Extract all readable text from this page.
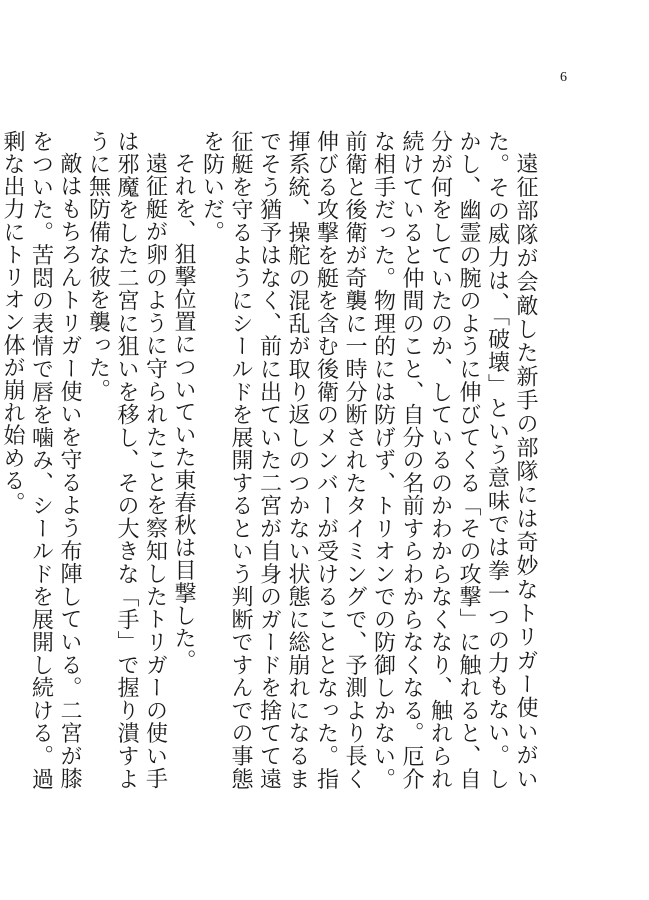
6

遠征部隊が会敵した新手の部隊には奇妙なトリガー使いがいた。その威力は、「破壊」という意味では拳一つの力もない。しかし、幽霊の腕のように伸びてくる「その攻撃」に触れると、自分が何をしていたのか、しているのかわからなくなり、触れられ続けていると仲間のこと、自分の名前すらわからなくなる。厄介な相手だった。物理的には防げず、トリオンでの防御しかない。前衛と後衛が奇襲に一時分断されたタイミングで、予測より長く伸びる攻撃を艇を含む後衛のメンバーが受けることとなった。指揮系統、操舵の混乱が取り返しのつかない状態に総崩れになるまでそう猶予はなく、前に出ていた二宮が自身のガードを捨てて遠征艇を守るようにシールドを展開するという判断ですんでの事態を防いだ。

それを、狙撃位置についていた東春秋は目撃した。

遠征艇が卵のように守られたことを察知したトリガーの使い手は邪魔をした二宮に狙いを移し、その大きな「手」で握り潰すように無防備な彼を襲った。

敵はもちろんトリガー使いを守るよう布陣している。二宮が膝をついた。苦悶の表情で唇を噛み、シールドを展開し続ける。過剰な出力にトリオン体が崩れ始める。
